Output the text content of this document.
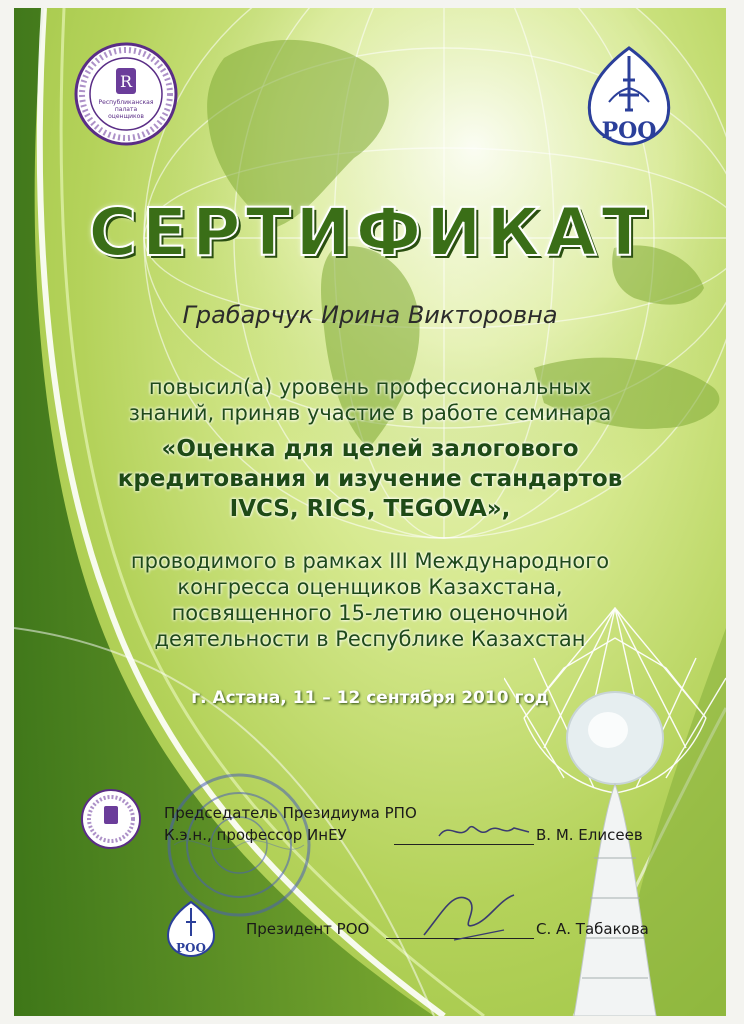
R
Республиканская
палата
оценщиков
РОО
СЕРТИФИКАТ
Грабарчук Ирина Викторовна
повысил(а) уровень профессиональных
знаний, приняв участие в работе семинара
«Оценка для целей залогового
кредитования и изучение стандартов
IVCS, RICS, TEGOVA»,
проводимого в рамках III Международного
конгресса оценщиков Казахстана,
посвященного 15-летию оценочной
деятельности в Республике Казахстан
г. Астана, 11 – 12 сентября 2010 год
РОО
Председатель Президиума РПО
К.э.н., профессор ИнЕУ	В. М. Елисеев
Президент РОО	С. А. Табакова
